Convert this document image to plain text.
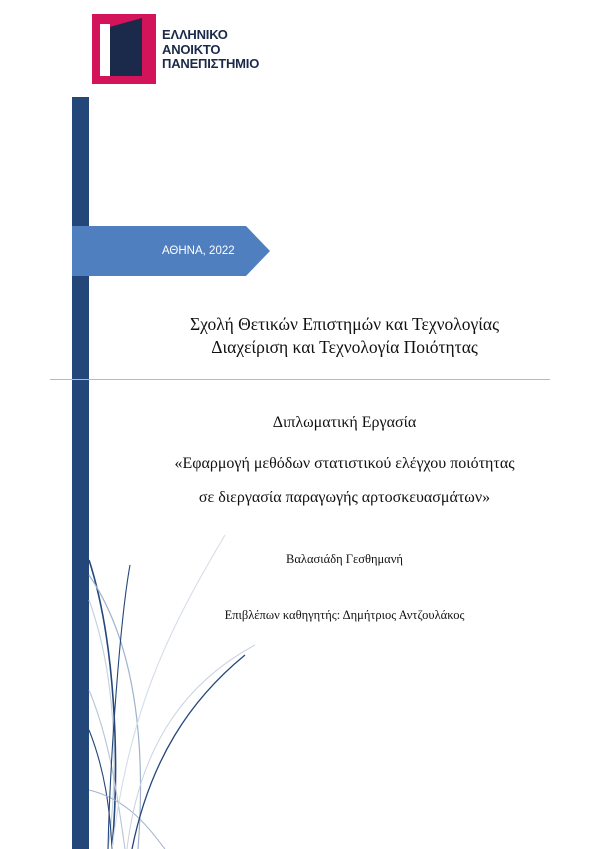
ΕΛΛΗΝΙΚΟ
ΑΝΟΙΚΤΟ
ΠΑΝΕΠΙΣΤΗΜΙΟ
ΑΘΗΝΑ, 2022
Σχολή Θετικών Επιστημών και Τεχνολογίας
Διαχείριση και Τεχνολογία Ποιότητας
Διπλωματική Εργασία
«Εφαρμογή μεθόδων στατιστικού ελέγχου ποιότητας
σε διεργασία παραγωγής αρτοσκευασμάτων»
Βαλασιάδη Γεσθημανή
Επιβλέπων καθηγητής: Δημήτριος Αντζουλάκος
